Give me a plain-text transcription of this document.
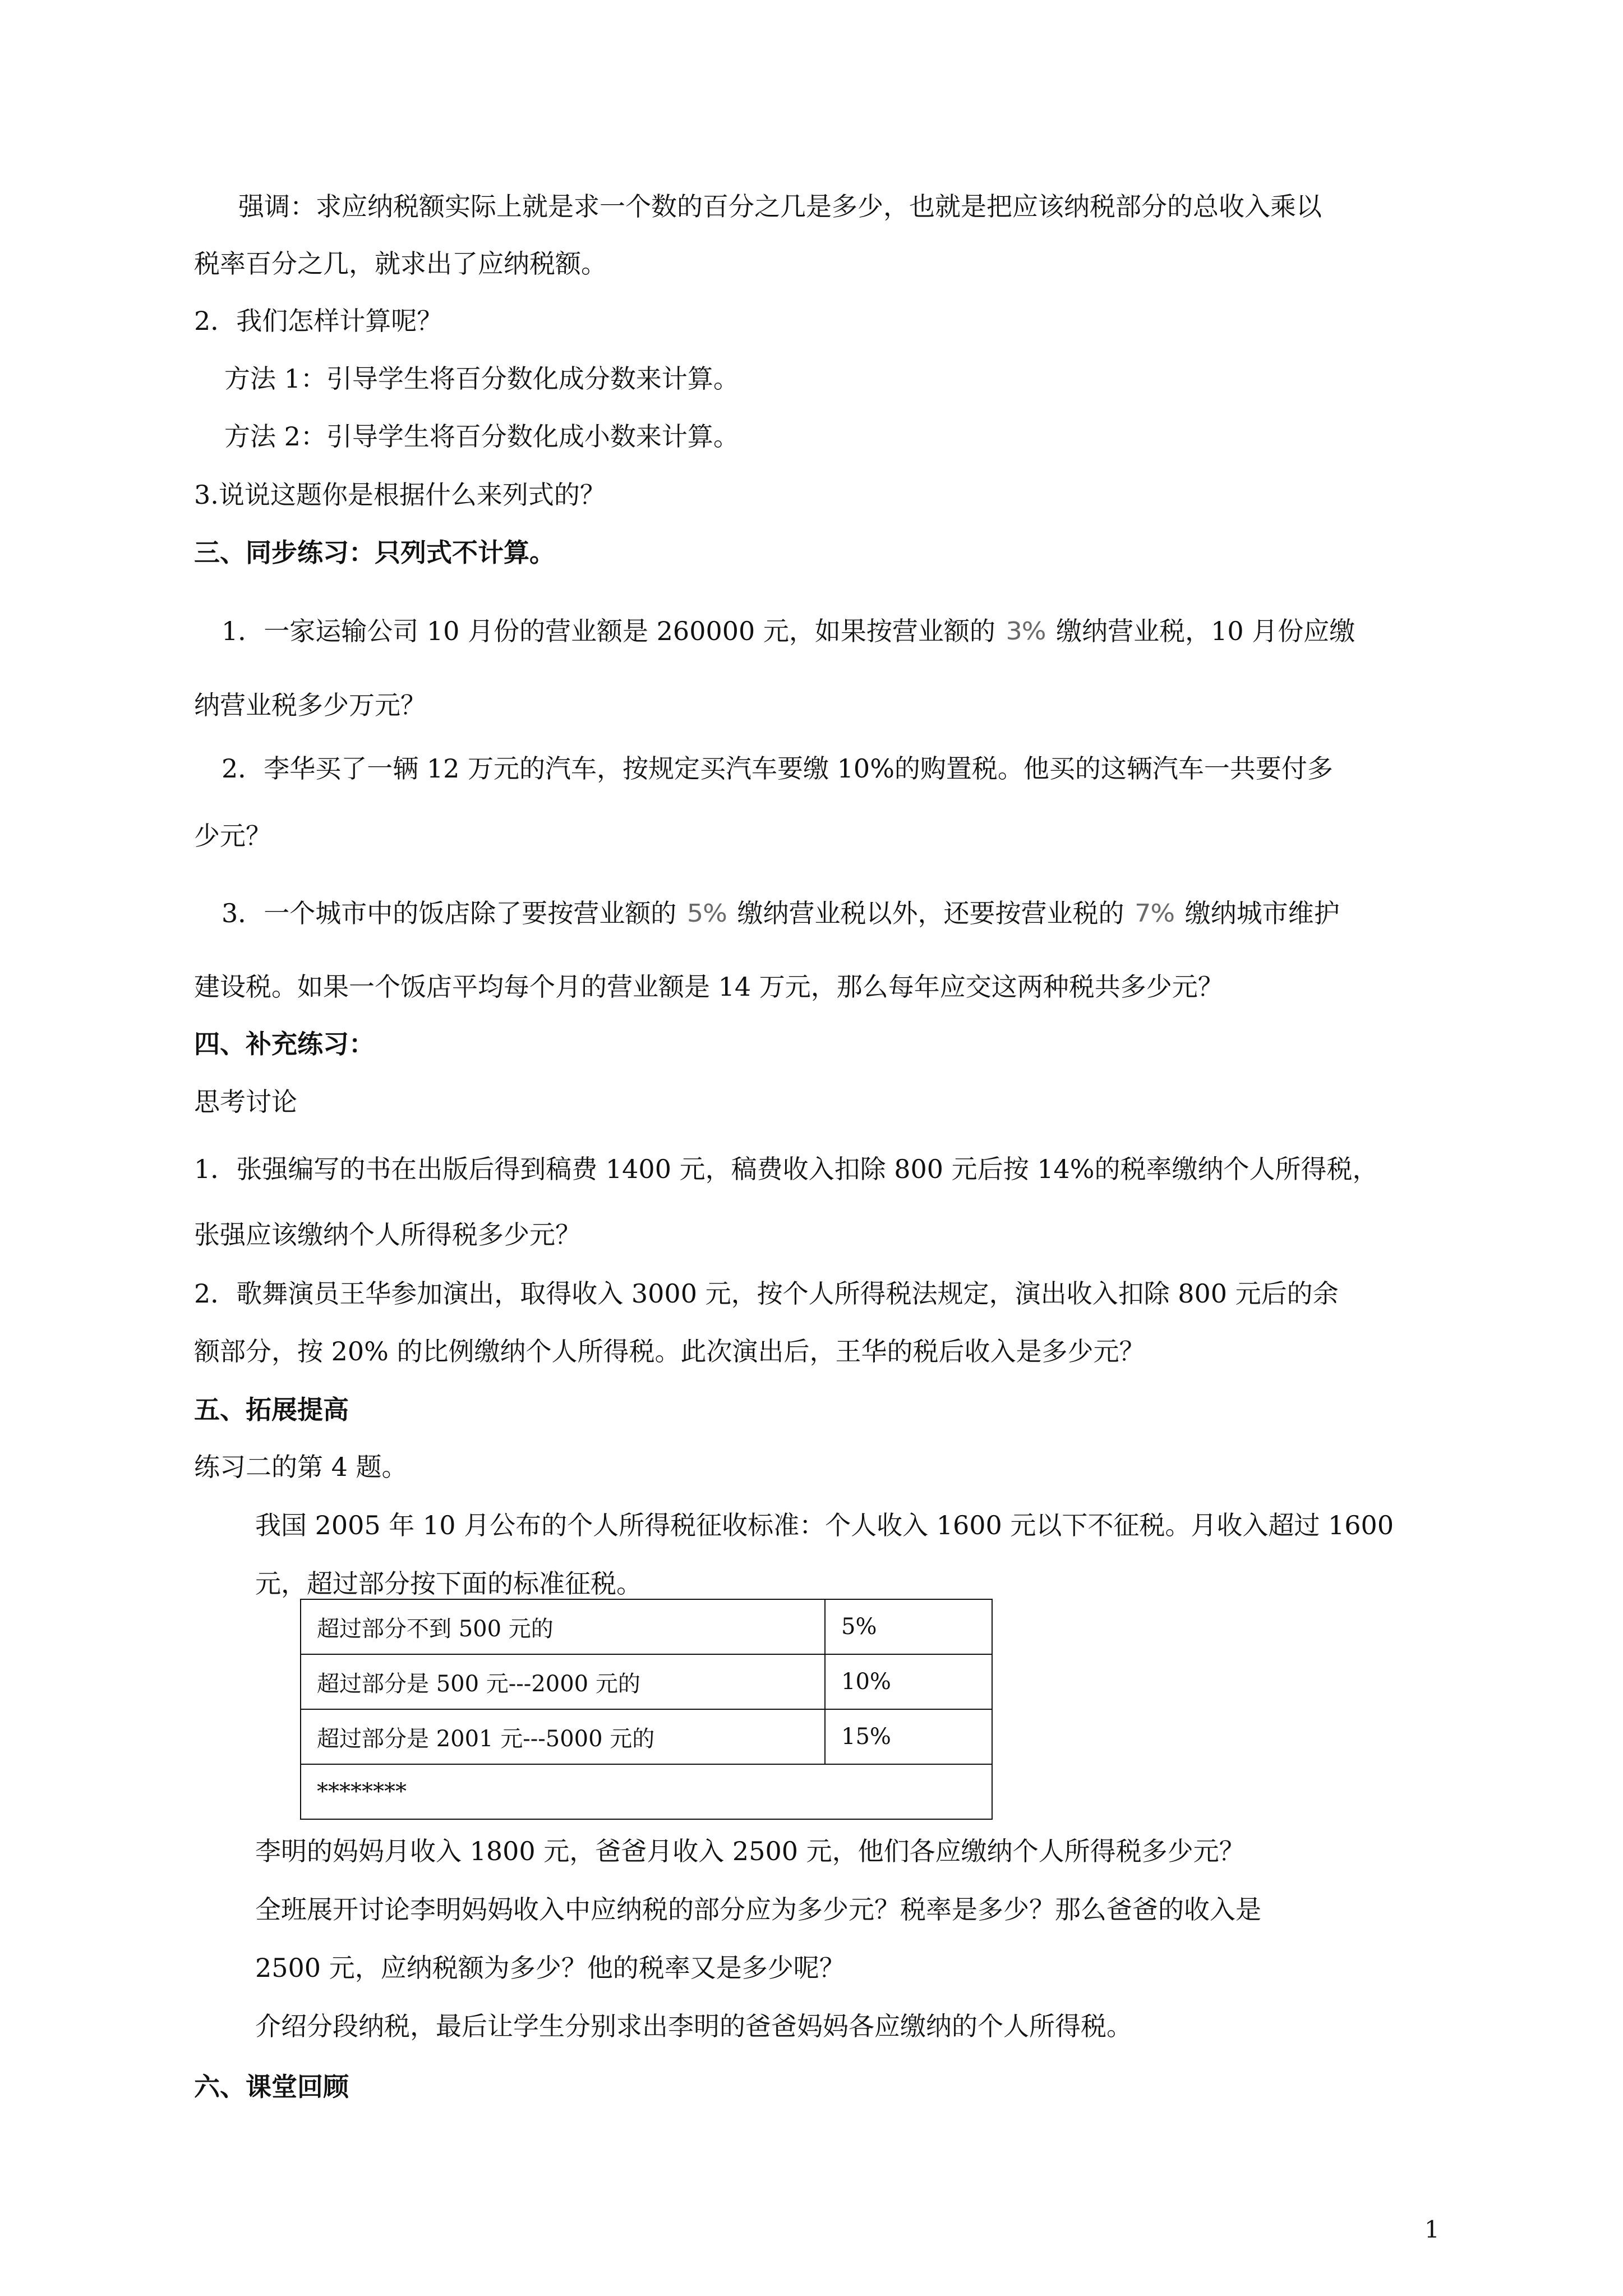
强调：求应纳税额实际上就是求一个数的百分之几是多少，也就是把应该纳税部分的总收入乘以
税率百分之几，就求出了应纳税额。
2．我们怎样计算呢？
方法 1：引导学生将百分数化成分数来计算。
方法 2：引导学生将百分数化成小数来计算。
3.说说这题你是根据什么来列式的？
三、同步练习：只列式不计算。
1．一家运输公司 10 月份的营业额是 260000 元，如果按营业额的 3% 缴纳营业税，10 月份应缴
纳营业税多少万元？
2．李华买了一辆 12 万元的汽车，按规定买汽车要缴 10%的购置税。他买的这辆汽车一共要付多
少元？
3．一个城市中的饭店除了要按营业额的 5% 缴纳营业税以外，还要按营业税的 7% 缴纳城市维护
建设税。如果一个饭店平均每个月的营业额是 14 万元，那么每年应交这两种税共多少元？
四、补充练习：
思考讨论
1．张强编写的书在出版后得到稿费 1400 元，稿费收入扣除 800 元后按 14%的税率缴纳个人所得税，
张强应该缴纳个人所得税多少元？
2．歌舞演员王华参加演出，取得收入 3000 元，按个人所得税法规定，演出收入扣除 800 元后的余
额部分，按 20% 的比例缴纳个人所得税。此次演出后，王华的税后收入是多少元？
五、拓展提高
练习二的第 4 题。
我国 2005 年 10 月公布的个人所得税征收标准：个人收入 1600 元以下不征税。月收入超过 1600
元，超过部分按下面的标准征税。
超过部分不到 500 元的	5%
超过部分是 500 元---2000 元的	10%
超过部分是 2001 元---5000 元的	15%
********	
李明的妈妈月收入 1800 元，爸爸月收入 2500 元，他们各应缴纳个人所得税多少元？
全班展开讨论李明妈妈收入中应纳税的部分应为多少元？税率是多少？那么爸爸的收入是
2500 元，应纳税额为多少？他的税率又是多少呢？
介绍分段纳税，最后让学生分别求出李明的爸爸妈妈各应缴纳的个人所得税。
六、课堂回顾
1
